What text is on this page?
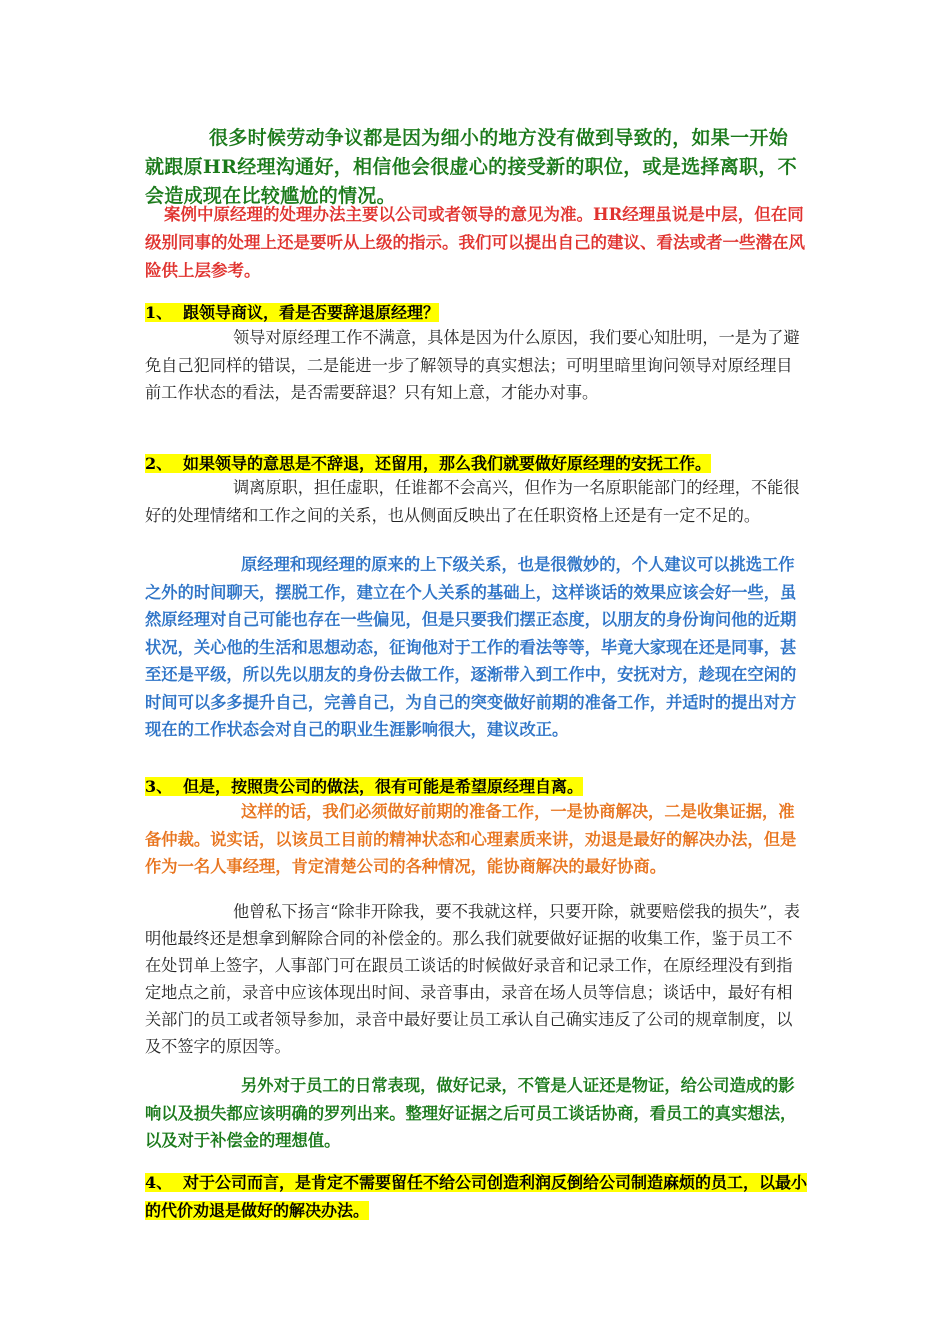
很多时候劳动争议都是因为细小的地方没有做到导致的，如果一开始就跟原HR经理沟通好，相信他会很虚心的接受新的职位，或是选择离职，不会造成现在比较尴尬的情况。

案例中原经理的处理办法主要以公司或者领导的意见为准。HR经理虽说是中层，但在同级别同事的处理上还是要听从上级的指示。我们可以提出自己的建议、看法或者一些潜在风险供上层参考。

1、 跟领导商议，看是否要辞退原经理？

领导对原经理工作不满意，具体是因为什么原因，我们要心知肚明，一是为了避免自己犯同样的错误，二是能进一步了解领导的真实想法；可明里暗里询问领导对原经理目前工作状态的看法，是否需要辞退？只有知上意，才能办对事。

2、 如果领导的意思是不辞退，还留用，那么我们就要做好原经理的安抚工作。

调离原职，担任虚职，任谁都不会高兴，但作为一名原职能部门的经理，不能很好的处理情绪和工作之间的关系，也从侧面反映出了在任职资格上还是有一定不足的。

原经理和现经理的原来的上下级关系，也是很微妙的，个人建议可以挑选工作之外的时间聊天，摆脱工作，建立在个人关系的基础上，这样谈话的效果应该会好一些，虽然原经理对自己可能也存在一些偏见，但是只要我们摆正态度，以朋友的身份询问他的近期状况，关心他的生活和思想动态，征询他对于工作的看法等等，毕竟大家现在还是同事，甚至还是平级，所以先以朋友的身份去做工作，逐渐带入到工作中，安抚对方，趁现在空闲的时间可以多多提升自己，完善自己，为自己的突变做好前期的准备工作，并适时的提出对方现在的工作状态会对自己的职业生涯影响很大，建议改正。

3、 但是，按照贵公司的做法，很有可能是希望原经理自离。

这样的话，我们必须做好前期的准备工作，一是协商解决，二是收集证据，准备仲裁。说实话，以该员工目前的精神状态和心理素质来讲，劝退是最好的解决办法，但是作为一名人事经理，肯定清楚公司的各种情况，能协商解决的最好协商。

他曾私下扬言“除非开除我，要不我就这样，只要开除，就要赔偿我的损失”，表明他最终还是想拿到解除合同的补偿金的。那么我们就要做好证据的收集工作，鉴于员工不在处罚单上签字，人事部门可在跟员工谈话的时候做好录音和记录工作，在原经理没有到指定地点之前，录音中应该体现出时间、录音事由，录音在场人员等信息；谈话中，最好有相关部门的员工或者领导参加，录音中最好要让员工承认自己确实违反了公司的规章制度，以及不签字的原因等。

另外对于员工的日常表现，做好记录，不管是人证还是物证，给公司造成的影响以及损失都应该明确的罗列出来。整理好证据之后可员工谈话协商，看员工的真实想法，以及对于补偿金的理想值。

4、 对于公司而言，是肯定不需要留任不给公司创造利润反倒给公司制造麻烦的员工，以最小的代价劝退是做好的解决办法。
